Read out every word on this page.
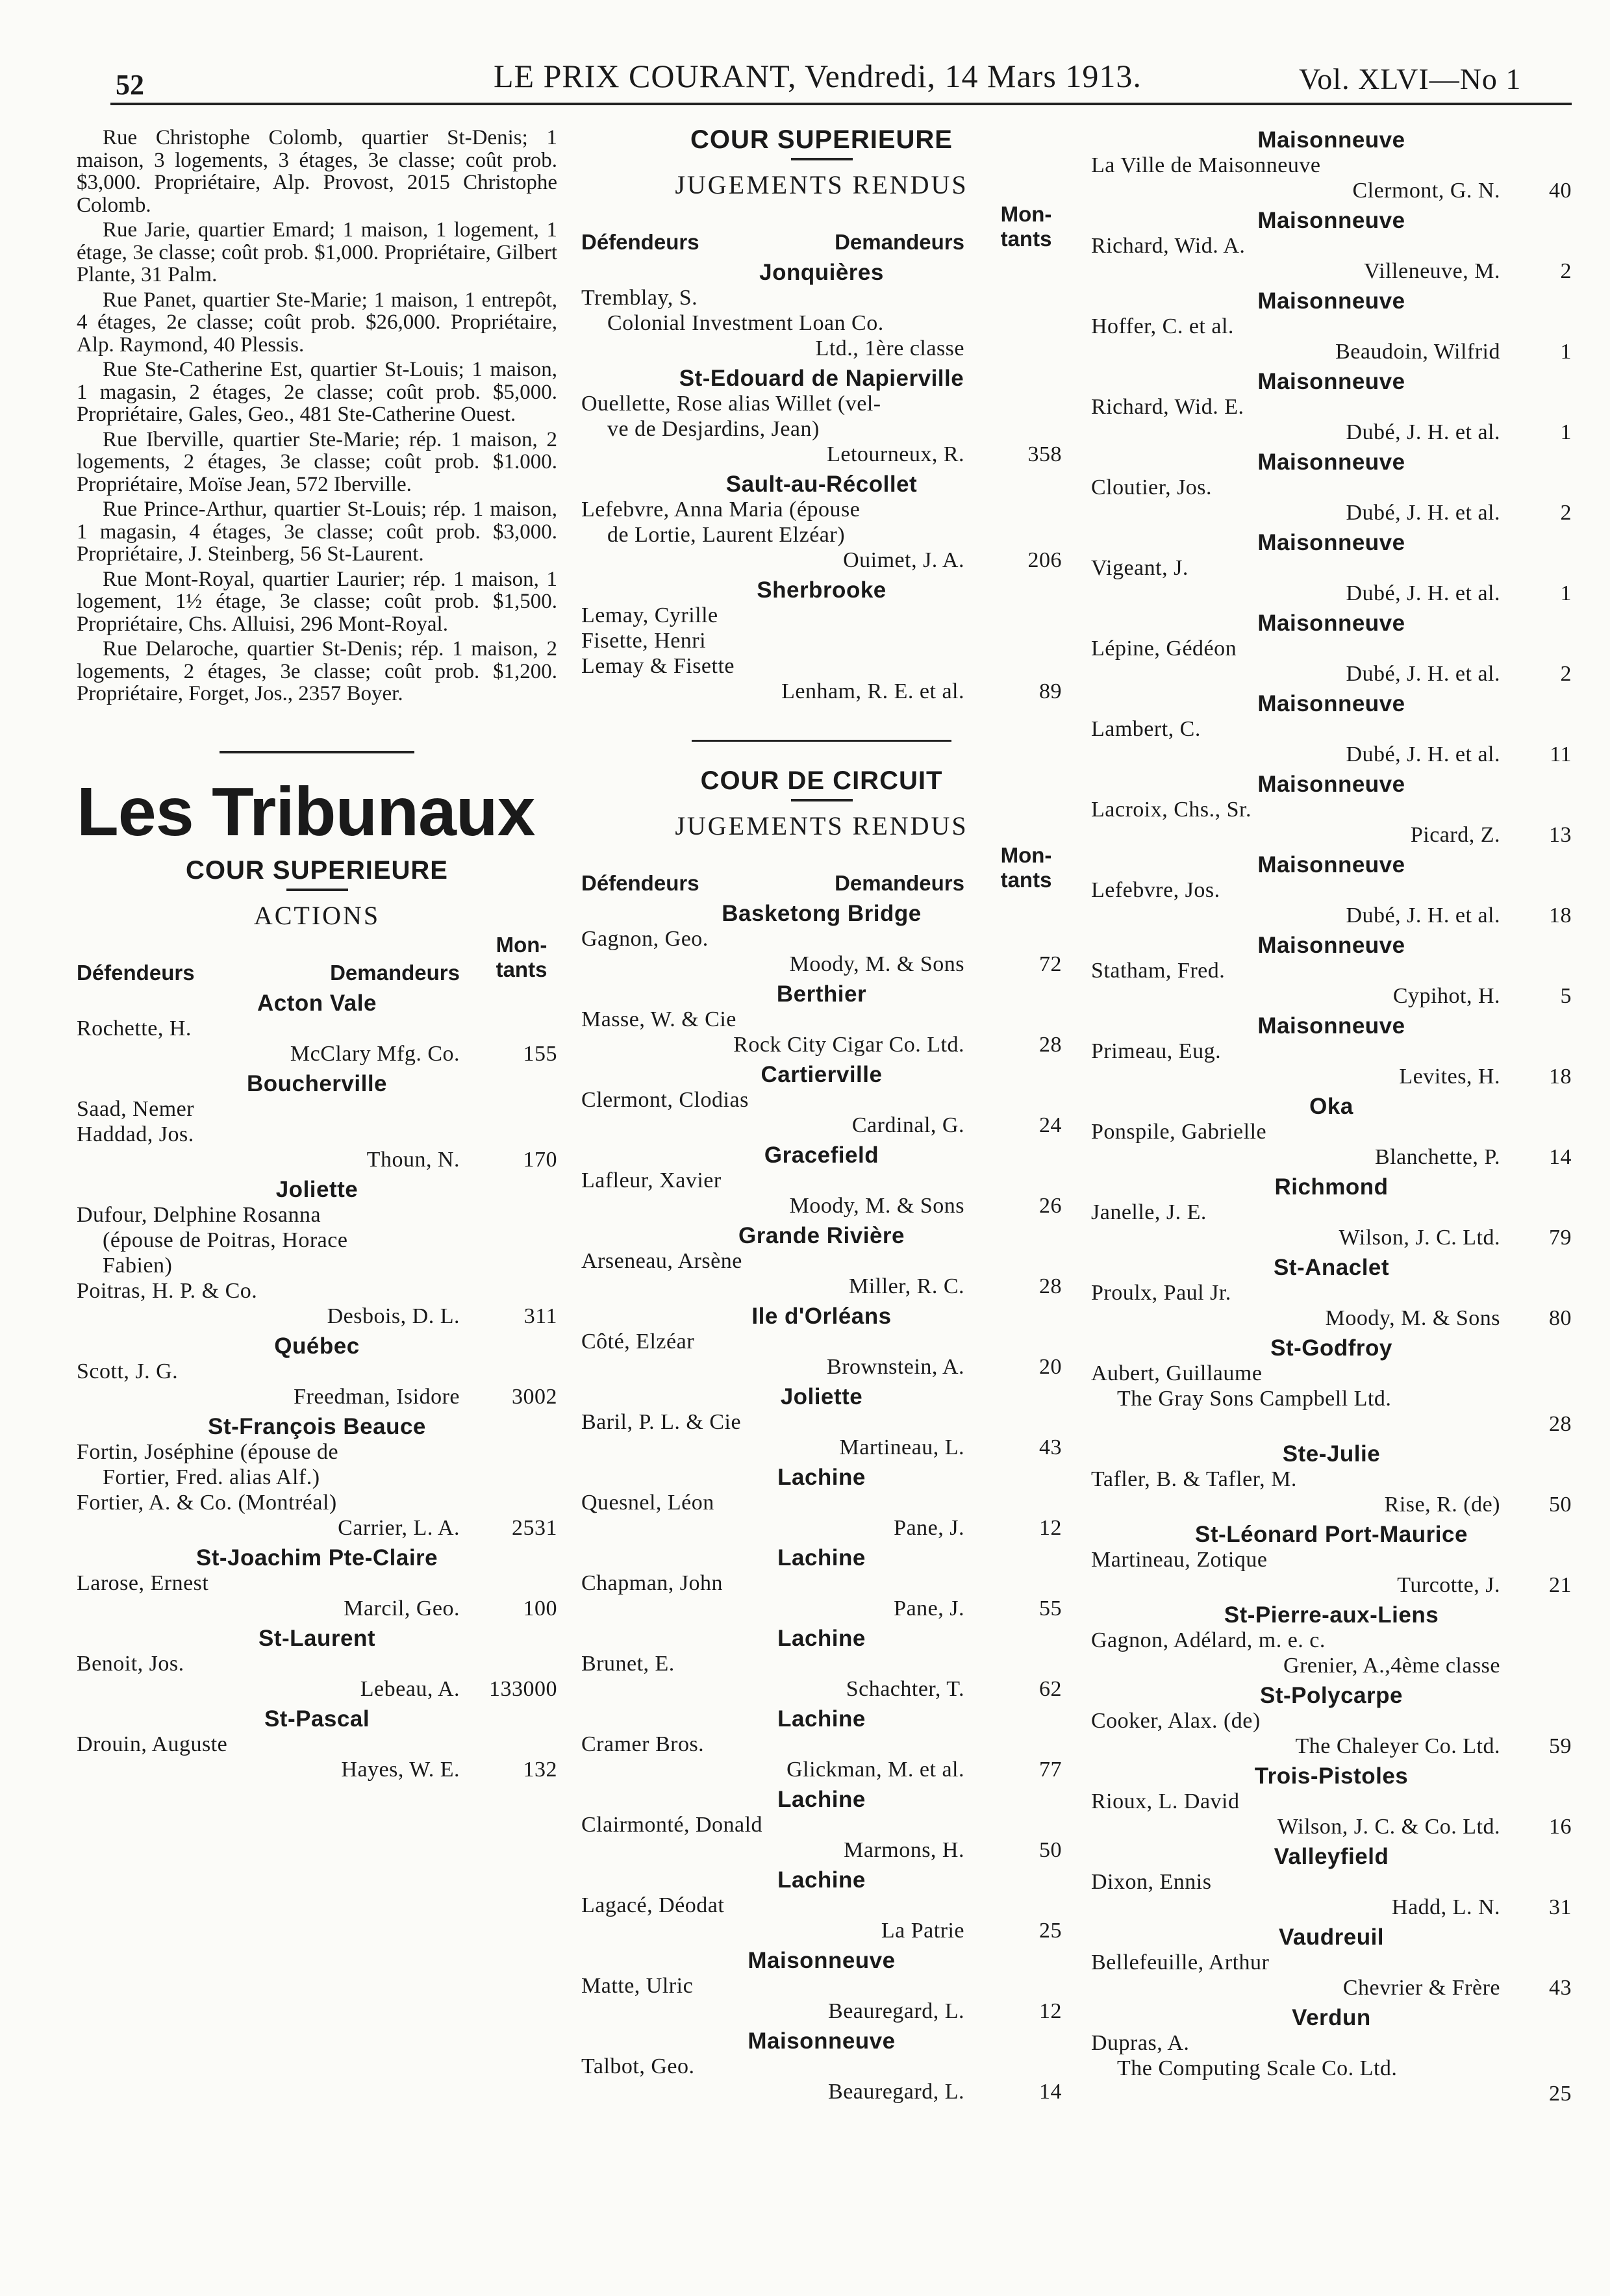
52	LE PRIX COURANT, Vendredi, 14 Mars 1913.	Vol. XLVI—No 1

Rue Christophe Colomb, quartier St-Denis; 1 maison, 3 logements, 3 étages, 3e classe; coût prob. $3,000. Propriétaire, Alp. Provost, 2015 Christophe Colomb.

Rue Jarie, quartier Emard; 1 maison, 1 logement, 1 étage, 3e classe; coût prob. $1,000. Propriétaire, Gilbert Plante, 31 Palm.

Rue Panet, quartier Ste-Marie; 1 maison, 1 entrepôt, 4 étages, 2e classe; coût prob. $26,000. Propriétaire, Alp. Raymond, 40 Plessis.

Rue Ste-Catherine Est, quartier St-Louis; 1 maison, 1 magasin, 2 étages, 2e classe; coût prob. $5,000. Propriétaire, Gales, Geo., 481 Ste-Catherine Ouest.

Rue Iberville, quartier Ste-Marie; rép. 1 maison, 2 logements, 2 étages, 3e classe; coût prob. $1.000. Propriétaire, Moïse Jean, 572 Iberville.

Rue Prince-Arthur, quartier St-Louis; rép. 1 maison, 1 magasin, 4 étages, 3e classe; coût prob. $3,000. Propriétaire, J. Steinberg, 56 St-Laurent.

Rue Mont-Royal, quartier Laurier; rép. 1 maison, 1 logement, 1½ étage, 3e classe; coût prob. $1,500. Propriétaire, Chs. Alluisi, 296 Mont-Royal.

Rue Delaroche, quartier St-Denis; rép. 1 maison, 2 logements, 2 étages, 3e classe; coût prob. $1,200. Propriétaire, Forget, Jos., 2357 Boyer.

Les Tribunaux
COUR SUPERIEURE
ACTIONS
Défendeurs	Demandeurs
Mon-
tants
Acton Vale
Rochette, H.
McClary Mfg. Co.	155
Boucherville
Saad, Nemer
Haddad, Jos.
Thoun, N.	170
Joliette
Dufour, Delphine Rosanna
(épouse de Poitras, Horace
Fabien)
Poitras, H. P. & Co.
Desbois, D. L.	311
Québec
Scott, J. G.
Freedman, Isidore	3002
St-François Beauce
Fortin, Joséphine (épouse de
Fortier, Fred. alias Alf.)
Fortier, A. & Co. (Montréal)
Carrier, L. A.	2531
St-Joachim Pte-Claire
Larose, Ernest
Marcil, Geo.	100
St-Laurent
Benoit, Jos.
Lebeau, A. 133000
St-Pascal
Drouin, Auguste
Hayes, W. E.	132
COUR SUPERIEURE
JUGEMENTS RENDUS
Défendeurs	Demandeurs
Mon-
tants
Jonquières
Tremblay, S.
Colonial Investment Loan Co.
Ltd., 1ère classe
St-Edouard de Napierville
Ouellette, Rose alias Willet (vel-
ve de Desjardins, Jean)
Letourneux, R.	358
Sault-au-Récollet
Lefebvre, Anna Maria (épouse
de Lortie, Laurent Elzéar)
Ouimet, J. A.	206
Sherbrooke
Lemay, Cyrille
Fisette, Henri
Lemay & Fisette
Lenham, R. E. et al.	89
COUR DE CIRCUIT
JUGEMENTS RENDUS
Défendeurs	Demandeurs
Mon-
tants
Basketong Bridge
Gagnon, Geo.
Moody, M. & Sons	72
Berthier
Masse, W. & Cie
Rock City Cigar Co. Ltd.	28
Cartierville
Clermont, Clodias
Cardinal, G.	24
Gracefield
Lafleur, Xavier
Moody, M. & Sons	26
Grande Rivière
Arseneau, Arsène
Miller, R. C.	28
Ile d'Orléans
Côté, Elzéar
Brownstein, A.	20
Joliette
Baril, P. L. & Cie
Martineau, L.	43
Lachine
Quesnel, Léon
Pane, J.	12
Lachine
Chapman, John
Pane, J.	55
Lachine
Brunet, E.
Schachter, T.	62
Lachine
Cramer Bros.
Glickman, M. et al.	77
Lachine
Clairmonté, Donald
Marmons, H.	50
Lachine
Lagacé, Déodat
La Patrie	25
Maisonneuve
Matte, Ulric
Beauregard, L.	12
Maisonneuve
Talbot, Geo.
Beauregard, L.	14
Maisonneuve
La Ville de Maisonneuve
Clermont, G. N.	40
Maisonneuve
Richard, Wid. A.
Villeneuve, M.	2
Maisonneuve
Hoffer, C. et al.
Beaudoin, Wilfrid	1
Maisonneuve
Richard, Wid. E.
Dubé, J. H. et al.	1
Maisonneuve
Cloutier, Jos.
Dubé, J. H. et al.	2
Maisonneuve
Vigeant, J.
Dubé, J. H. et al.	1
Maisonneuve
Lépine, Gédéon
Dubé, J. H. et al.	2
Maisonneuve
Lambert, C.
Dubé, J. H. et al.	11
Maisonneuve
Lacroix, Chs., Sr.
Picard, Z.	13
Maisonneuve
Lefebvre, Jos.
Dubé, J. H. et al.	18
Maisonneuve
Statham, Fred.
Cypihot, H.	5
Maisonneuve
Primeau, Eug.
Levites, H.	18
Oka
Ponspile, Gabrielle
Blanchette, P.	14
Richmond
Janelle, J. E.
Wilson, J. C. Ltd.	79
St-Anaclet
Proulx, Paul Jr.
Moody, M. & Sons	80
St-Godfroy
Aubert, Guillaume
The Gray Sons Campbell Ltd.
28
Ste-Julie
Tafler, B. & Tafler, M.
Rise, R. (de)	50
St-Léonard Port-Maurice
Martineau, Zotique
Turcotte, J.	21
St-Pierre-aux-Liens
Gagnon, Adélard, m. e. c.
Grenier, A.,4ème classe
St-Polycarpe
Cooker, Alax. (de)
The Chaleyer Co. Ltd.	59
Trois-Pistoles
Rioux, L. David
Wilson, J. C. & Co. Ltd.	16
Valleyfield
Dixon, Ennis
Hadd, L. N.	31
Vaudreuil
Bellefeuille, Arthur
Chevrier & Frère	43
Verdun
Dupras, A.
The Computing Scale Co. Ltd.
25
